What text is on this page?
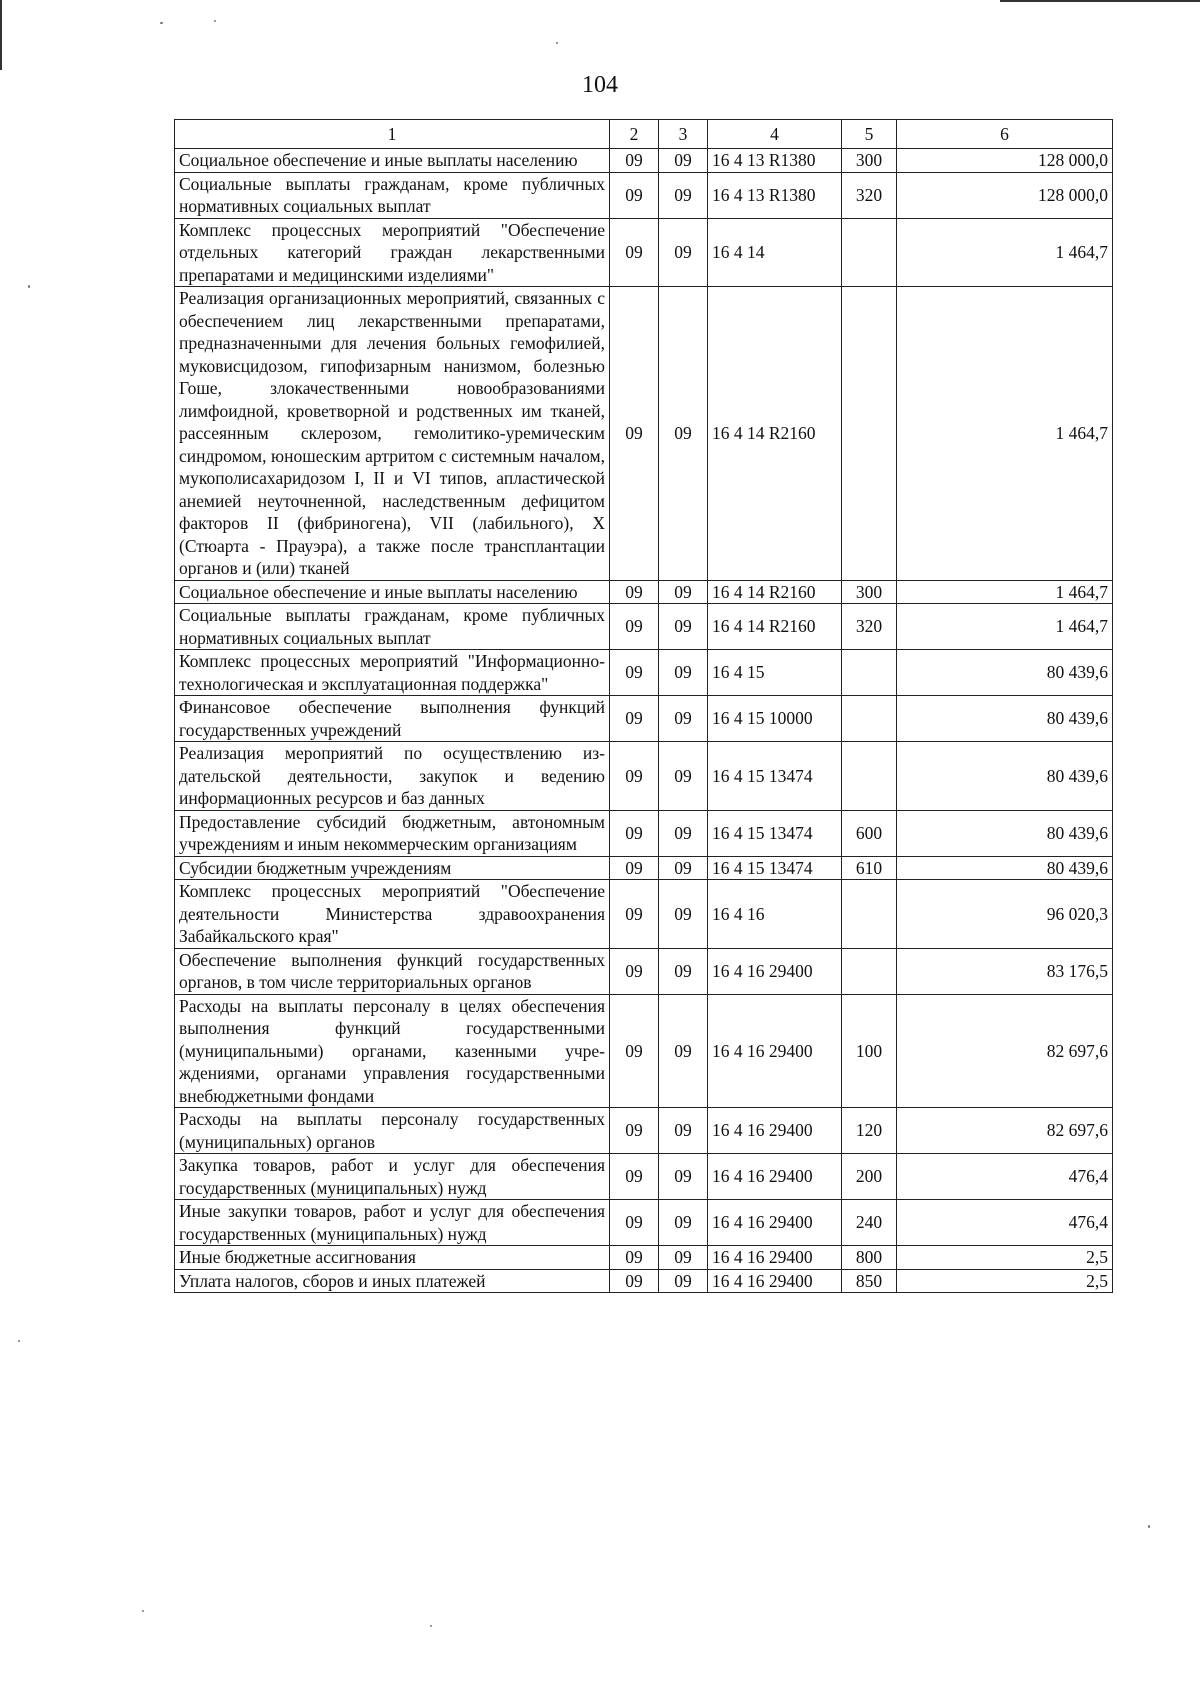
104
1	2	3	4	5	6
Социальное обеспечение и иные выплаты населению	09	09	16 4 13 R1380	300	128 000,0
Социальные выплаты гражданам, кроме публичных нормативных социальных выплат	09	09	16 4 13 R1380	320	128 000,0
Комплекс процессных мероприятий "Обеспечение отдельных категорий граждан лекарственными препаратами и медицинскими изделиями"	09	09	16 4 14		1 464,7
Реализация организационных мероприятий, связанных с обеспечением лиц лекарственными препаратами, предназначенными для лечения больных гемофилией, муковисцидозом, гипофизарным нанизмом, болезнью Гоше, злокачественными новообразованиями лимфоидной, кроветворной и родственных им тканей, рассеянным склерозом, гемолитико-уремическим синдромом, юношеским артритом с системным началом, мукополисахаридозом I, II и VI типов, апластической анемией неуточненной, наследственным дефицитом факторов II (фибриногена), VII (лабильного), X (Стюарта - Прауэра), а также после трансплантации органов и (или) тканей	09	09	16 4 14 R2160		1 464,7
Социальное обеспечение и иные выплаты населению	09	09	16 4 14 R2160	300	1 464,7
Социальные выплаты гражданам, кроме публичных нормативных социальных выплат	09	09	16 4 14 R2160	320	1 464,7
Комплекс процессных мероприятий "Информационно-технологическая и эксплуатационная поддержка"	09	09	16 4 15		80 439,6
Финансовое обеспечение выполнения функций государственных учреждений	09	09	16 4 15 10000		80 439,6
Реализация мероприятий по осуществлению издательской деятельности, закупок и ведению информационных ресурсов и баз данных	09	09	16 4 15 13474		80 439,6
Предоставление субсидий бюджетным, автономным учреждениям и иным некоммерческим организациям	09	09	16 4 15 13474	600	80 439,6
Субсидии бюджетным учреждениям	09	09	16 4 15 13474	610	80 439,6
Комплекс процессных мероприятий "Обеспечение деятельности Министерства здравоохранения Забайкальского края"	09	09	16 4 16		96 020,3
Обеспечение выполнения функций государственных органов, в том числе территориальных органов	09	09	16 4 16 29400		83 176,5
Расходы на выплаты персоналу в целях обеспечения выполнения функций государственными (муниципальными) органами, казенными учреждениями, органами управления государственными внебюджетными фондами	09	09	16 4 16 29400	100	82 697,6
Расходы на выплаты персоналу государственных (муниципальных) органов	09	09	16 4 16 29400	120	82 697,6
Закупка товаров, работ и услуг для обеспечения государственных (муниципальных) нужд	09	09	16 4 16 29400	200	476,4
Иные закупки товаров, работ и услуг для обеспечения государственных (муниципальных) нужд	09	09	16 4 16 29400	240	476,4
Иные бюджетные ассигнования	09	09	16 4 16 29400	800	2,5
Уплата налогов, сборов и иных платежей	09	09	16 4 16 29400	850	2,5
